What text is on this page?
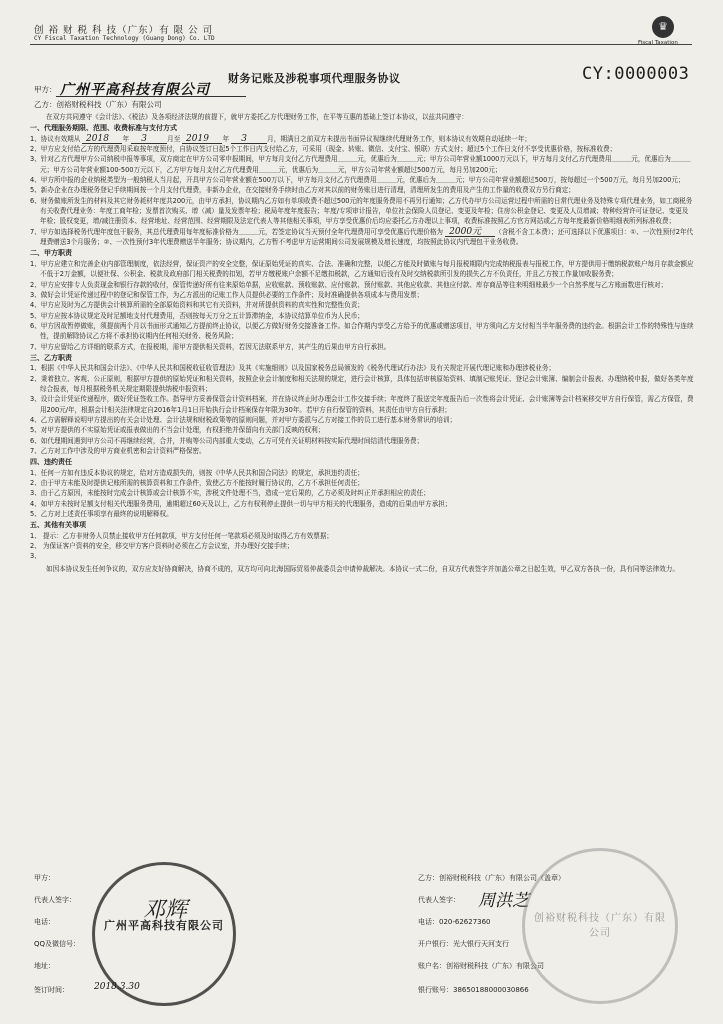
创 裕 财 税 科 技（广东）有 限 公 司
CY Fiscal Taxation Technology (Guang Dong) Co. LTD
♛
Fiscal Taxation
财务记账及涉税事项代理服务协议	CY:0000003
甲方： 广州平高科技有限公司
乙方：创裕财税科技（广东）有限公司

在双方共同遵守《会计法》、《税法》及各项经济法规的前提下，就甲方委托乙方代理财务工作，在平等互惠的基础上签订本协议，以兹共同遵守：

一、代理服务期限、范围、收费标准与支付方式

1、协议有效期从 2018 年 3	月至 2019 年 3	月，期满日之前双方未提出书面异议视继续代理财务工作，则本协议有效期自动延续一年；

2、甲方应支付给乙方的代理费用采取按年度预付，自协议签订日起5个工作日内支付给乙方，可采用（现金、转账、微信、支付宝、银联）方式支付；超过5个工作日支付不享受优惠价格，按标准收费；

3、针对乙方代理甲方公司纳税申报等事项，双方商定在甲方公司零申报期间，甲方每月支付乙方代理费用＿＿＿元，优惠后为＿＿＿元；甲方公司年营业额1000万元以下，甲方每月支付乙方代理费用＿＿＿元，优惠后为＿＿＿元；甲方公司年营业额100-500万元以下，乙方甲方每月支付乙方代理费用＿＿＿元，优惠后为＿＿＿元，甲方公司年营业额超过500万元，每月另加200元；

4、甲方所申报的企业纳税类型为一般纳税人当月起，开具甲方公司年营业额在500万以下，甲方每月支付乙方代理费用＿＿＿元，优惠后为＿＿＿元；甲方公司年营业额超过500万，按每超过一个500万元，每月另加200元；

5、新办企业在办理税务登记手续期间按一个月支付代理费，非新办企业，在交接财务手续时由乙方对其以前的财务账目进行清理，清理所发生的费用及产生的工作量的收费双方另行商定；

6、财务做账所发生的材料及其它财务耗材年度共200元，由甲方承担，协议期内乙方如有单项收费不超过500元的年度服务费用不再另行通知；乙方代办甲方公司运营过程中所需的日常代理业务及特殊专项代理业务，如工商税务有关收费代理业务：年度工商年检；发票首次购买、增（减）量及发票年检；税局年度年度报告；年度/专项审计报告，单位社会保险人员登记、变更及年检；住房公积金登记、变更及人员增减；特种经营许可证登记、变更及年检；股权变更，增/减注册资本、经营地址、经营范围、经营期限及法定代表人等其他相关事项，甲方享受优惠价后均应委托乙方办理以上事项，收费标准按照乙方官方网站或乙方每年度最新价格明细表所列标准收费；

7、甲方如选择税务代理年度包干服务，其总代理费用每年度标准价格为＿＿＿元，若签定协议当天预付全年代理费用可享受优惠后代理价格为 2000元 （含税不含工本费）；还可选择以下优惠项目：①、一次性预付2年代理费赠送3个月服务；②、一次性预付3年代理费赠送半年服务；协议期内，乙方暂不考虑甲方运营期间公司发展规模及增长速度，均按照此协议内代理包干业务收费。

二、甲方职责

1、甲方应建立和完善企业内部管理制度，依法经营，保证资产的安全完整，保证原始凭证的真实、合法、准确和完整，以便乙方能及时做账与每月报税期限内完成纳税报表与报税工作，甲方提供用于缴纳税款账户每月存款金额应不低于2万金额，以便社保、公积金、税款及政府部门相关税费的扣划，若甲方缴税账户余额不足缴扣税款，乙方通知后没有及时交纳税款所引发的损失乙方不负责任，并且乙方按工作量加收服务费；

2、甲方应安排专人负责现金和银行存款的收付，保管传递好所有往来原始单据，应收账款、预收账款、应付账款、预付账款、其他应收款、其他应付款、库存商品等往来明细账最少一个自然季度与乙方账面数进行核对；

3、做好会计凭证传递过程中的登记和保管工作，为乙方派出的记账工作人员提供必要的工作条件；及时准确提供各项成本与费用发票；

4、甲方应及时为乙方提供会计核算所需的全部原始资料和其它有关资料，并对所提供资料的真实性和完整性负责；

5、甲方应按本协议规定及时足额地支付代理费用，否则按每天万分之五计算滞纳金，本协议结算单位币为人民币；

6、甲方因故暂停做账，须提前两个月以书面形式通知乙方提前终止协议，以便乙方做好财务交接准备工作。如合作期内享受乙方给予的优惠或赠送项目，甲方须向乙方支付相当半年服务费的违约金。根据会计工作的特殊性与连续性，提前解除协议乙方将不承担协议期内任何相关财务、税务风险；

7、甲方应留给乙方详细的联系方式，在报税期，需甲方提供相关资料，若因无法联系甲方，其产生的后果由甲方自行承担。

三、乙方职责

1、根据《中华人民共和国会计法》、《中华人民共和国税收征收管理法》及其《实施细则》以及国家税务总局颁发的《税务代理试行办法》及有关规定开展代理记账和办理涉税业务；

2、秉着独立、客观、公正原则，根据甲方提供的原始凭证和相关资料，按照企业会计制度和相关法规的规定，进行会计核算，具体包括审核原始资料、填制记账凭证、登记会计账簿、编制会计报表、办理纳税申报，做好各类年度综合报表，每月根据税务机关规定期限提供纳税申报资料；

3、设计会计凭证传递程序，做好凭证签收工作。指导甲方妥善保管会计资料档案，并在协议终止时办理会计工作交接手续；年度终了报送完年度报告后一次性将会计凭证、会计账簿等会计档案移交甲方自行保管，需乙方保管，费用200元/年，根据会计相关法律规定自2016年1月1日开始执行会计档案保存年限为30年。若甲方自行保管的资料，其责任由甲方自行承担；

4、乙方需解释说明甲方提出的有关会计处理、会计法规和财税政策等的原则问题，并对甲方委派与乙方对接工作的员工进行基本财务常识的培训；

5、对甲方提供的不实原始凭证或报表做出的不当会计处理，有权拒绝并保留向有关部门反映的权利；

6、如代理期间遇到甲方公司不再继续经营，合并，并购等公司内部重大变动，乙方可凭有关证明材料按实际代理时间结清代理服务费；

7、乙方对工作中涉及的甲方商业机密和会计资料严格保密。

四、违约责任

1、任何一方如有违反本协议的规定，给对方造成损失的，则按《中华人民共和国合同法》的规定，承担违约责任；

2、由于甲方未能及时提供记账所需的核算资料和工作条件，致使乙方不能按时履行协议的，乙方不承担任何责任；

3、由于乙方原因，未能按时完成会计核算或会计核算不实，涉税文件处理不当，造成一定后果的，乙方必须及时纠正并承担相应的责任；

4、如甲方未按时足额支付相关代理服务费用，逾期超过60天及以上，乙方有权利停止提供一切与甲方相关的代理服务，造成的后果由甲方承担；

5、乙方对上述责任事项享有最终的说明解释权。

五、其他有关事项

1、 提示：乙方非财务人员禁止接收甲方任何款项，甲方支付任何一笔款项必须及时取得乙方有效票据；

2、 为保证客户资料的安全，移交甲方客户资料时必须在乙方会议室，并办理好交接手续；

3、

如因本协议发生任何争议的，双方应友好协商解决，协商不成的，双方均可向北海国际贸易仲裁委员会申请仲裁解决。本协议一式二份，自双方代表签字并加盖公章之日起生效，甲乙双方各执一份，具有同等法律效力。

甲方：
代表人签字：
电话：
QQ及微信号：
地址：
签订时间：	2018.3.30
广州平高科技有限公司
邓辉
乙方：创裕财税科技（广东）有限公司（盖章）
代表人签字： 周洪芝
电话：020-62627360
开户银行：光大银行天河支行
账户名：创裕财税科技（广东）有限公司
银行账号：38650188000030866
创裕财税科技（广东）有限公司
